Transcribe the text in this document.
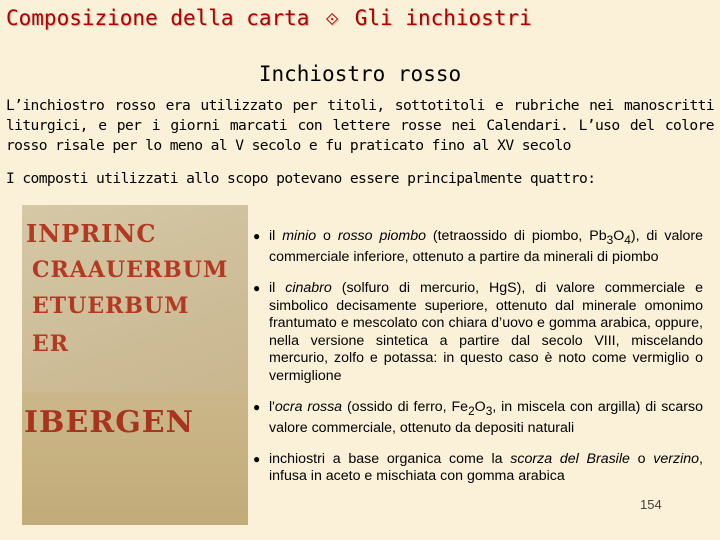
Composizione della carta ⟐ Gli inchiostri
Inchiostro rosso
L’inchiostro rosso era utilizzato per titoli, sottotitoli e rubriche nei manoscritti liturgici, e per i giorni marcati con lettere rosse nei Calendari. L’uso del colore rosso risale per lo meno al V secolo e fu praticato fino al XV secolo
I composti utilizzati allo scopo potevano essere principalmente quattro:
INPRINC
CRAAUERBUM
ETUERBUM
ER
IBERGEN
● il minio o rosso piombo (tetraossido di piombo, $Pb_3O_4$), di valore commerciale inferiore, ottenuto a partire da minerali di piombo
● il cinabro (solfuro di mercurio, HgS), di valore commerciale e simbolico decisamente superiore, ottenuto dal minerale omonimo frantumato e mescolato con chiara d’uovo e gomma arabica, oppure, nella versione sintetica a partire dal secolo VIII, miscelando mercurio, zolfo e potassa: in questo caso è noto come vermiglio o vermiglione
● l'ocra rossa (ossido di ferro, $Fe_2O_3$, in miscela con argilla) di scarso valore commerciale, ottenuto da depositi naturali
● inchiostri a base organica come la scorza del Brasile o verzino, infusa in aceto e mischiata con gomma arabica
154
